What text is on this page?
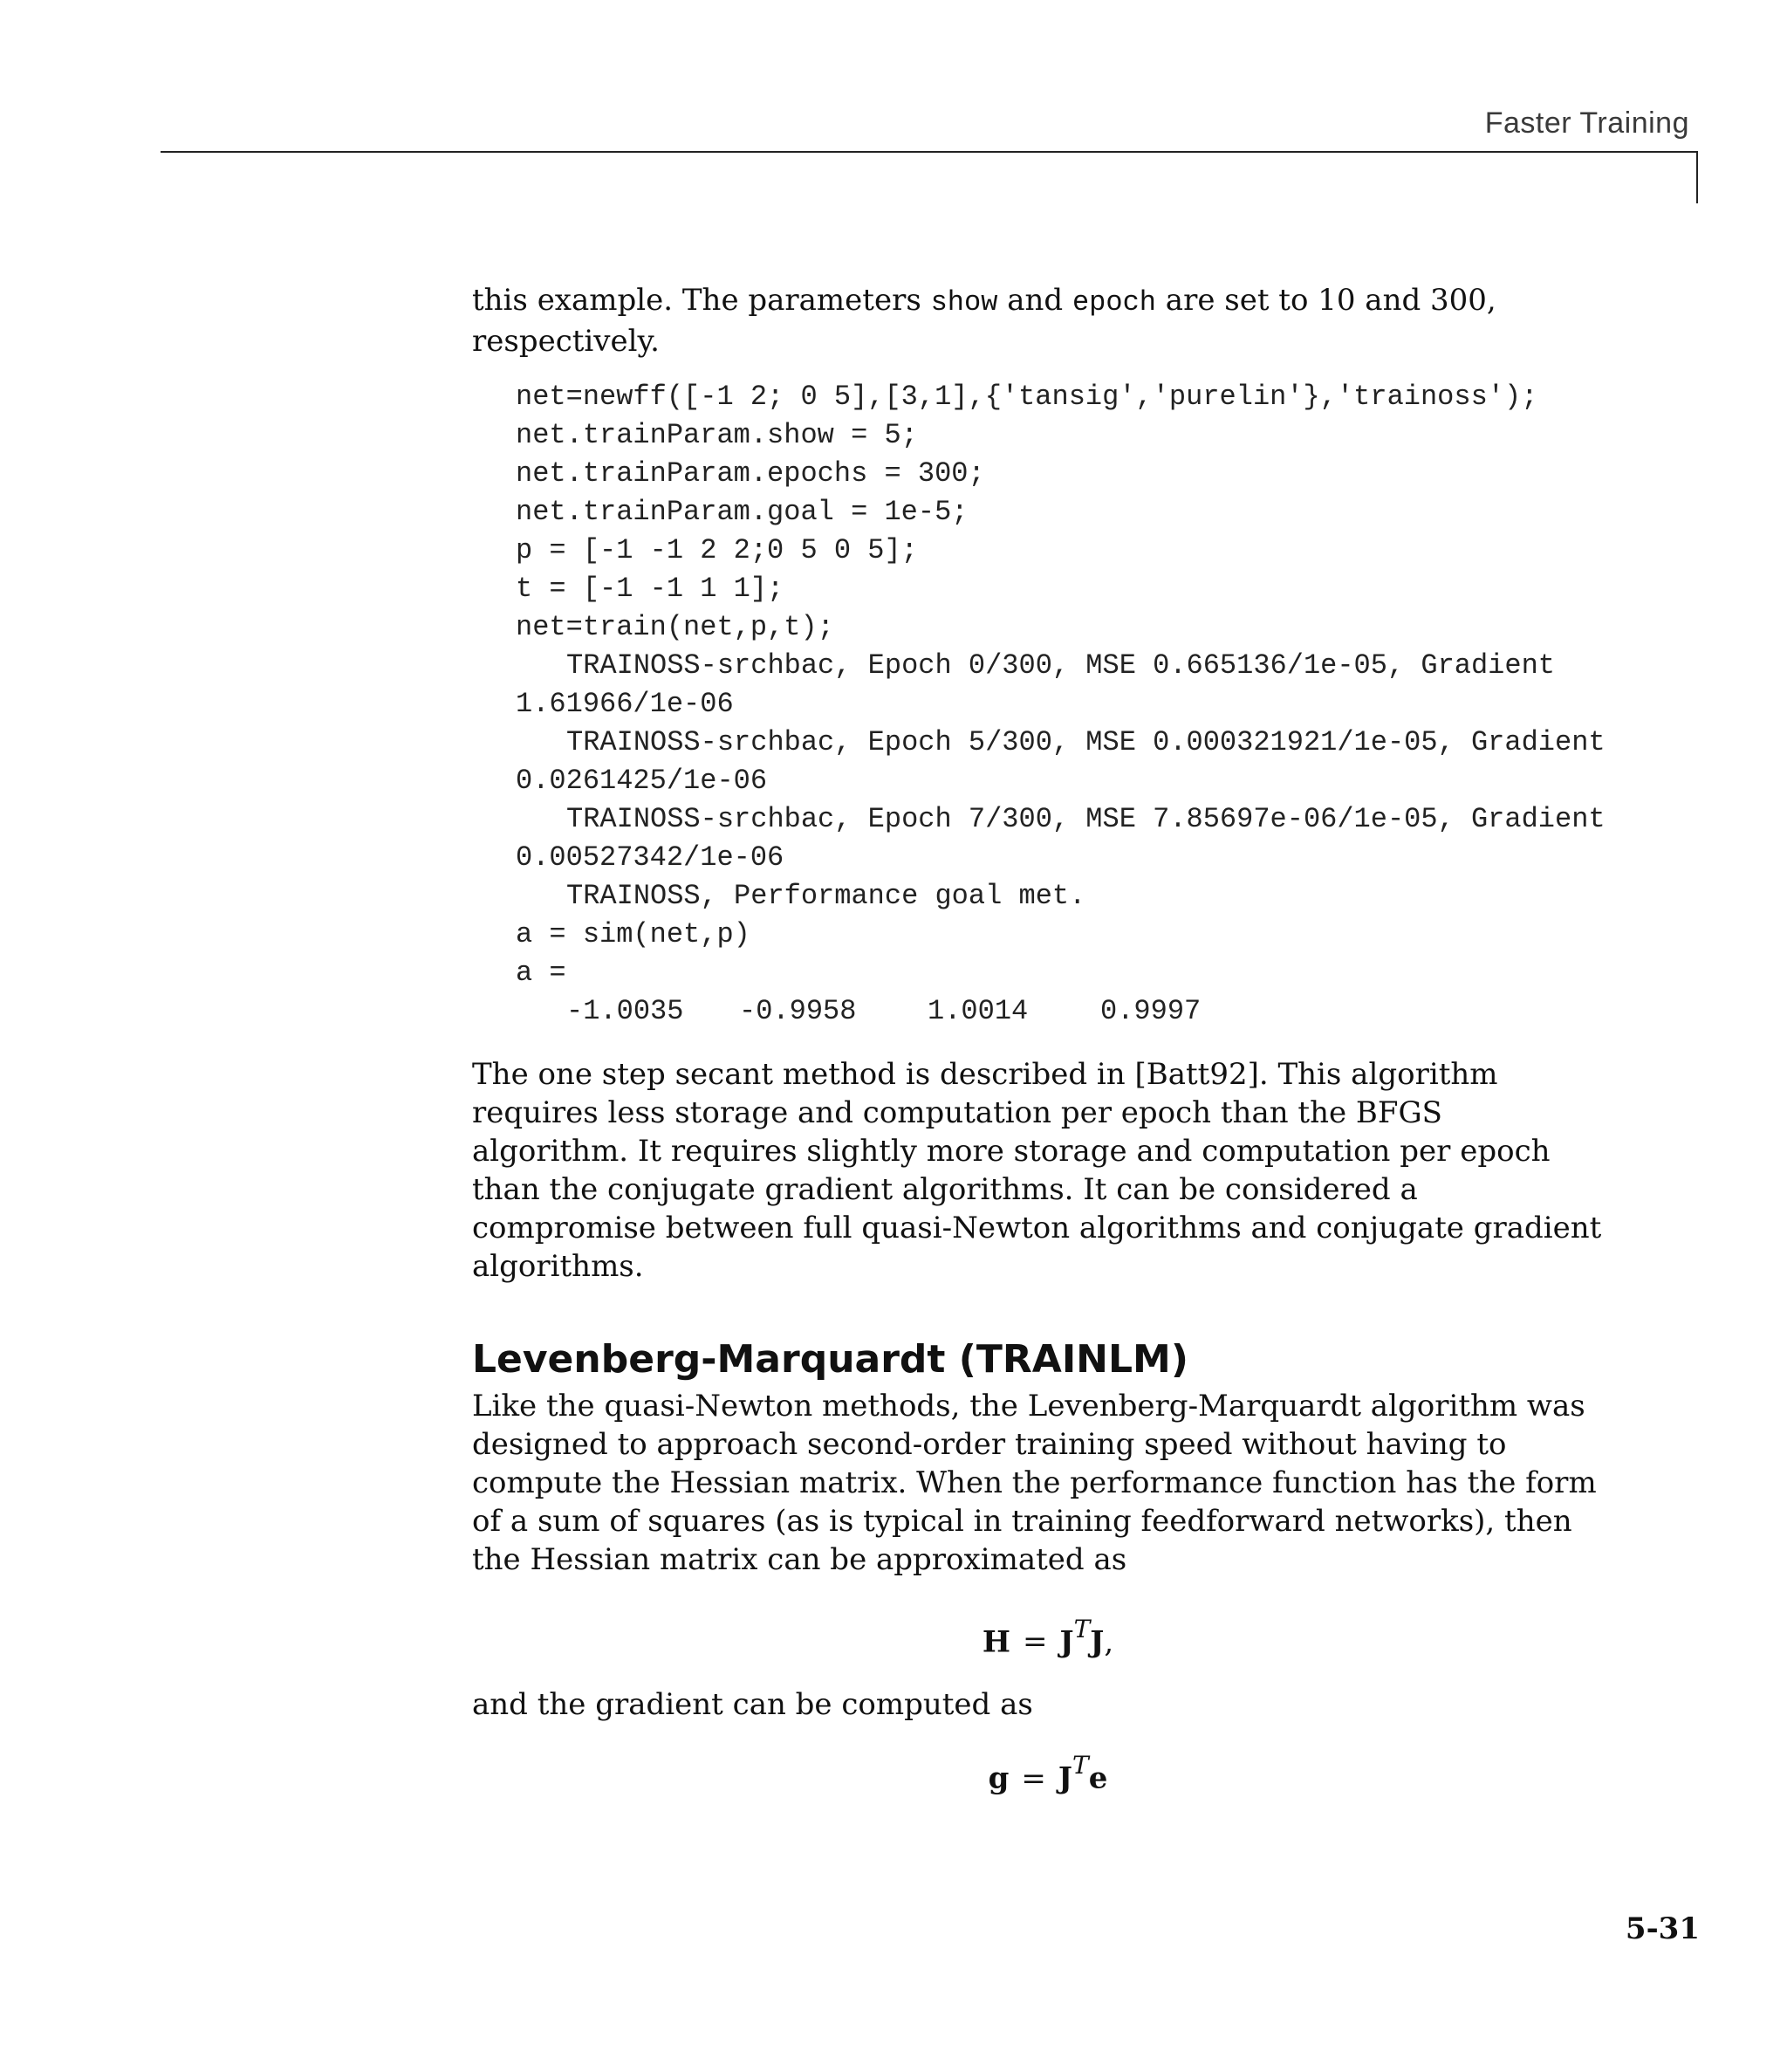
Faster Training

this example. The parameters show and epoch are set to 10 and 300, respectively.

net=newff([-1 2; 0 5],[3,1],{'tansig','purelin'},'trainoss');
net.trainParam.show = 5;
net.trainParam.epochs = 300;
net.trainParam.goal = 1e-5;
p = [-1 -1 2 2;0 5 0 5];
t = [-1 -1 1 1];
net=train(net,p,t);
TRAINOSS-srchbac, Epoch 0/300, MSE 0.665136/1e-05, Gradient
1.61966/1e-06
TRAINOSS-srchbac, Epoch 5/300, MSE 0.000321921/1e-05, Gradient
0.0261425/1e-06
TRAINOSS-srchbac, Epoch 7/300, MSE 7.85697e-06/1e-05, Gradient
0.00527342/1e-06
TRAINOSS, Performance goal met.
a = sim(net,p)
a =
-1.0035	-0.9958	1.0014	0.9997

The one step secant method is described in [Batt92]. This algorithm requires less storage and computation per epoch than the BFGS algorithm. It requires slightly more storage and computation per epoch than the conjugate gradient algorithms. It can be considered a compromise between full quasi-Newton algorithms and conjugate gradient algorithms.

Levenberg-Marquardt (TRAINLM)

Like the quasi-Newton methods, the Levenberg-Marquardt algorithm was designed to approach second-order training speed without having to compute the Hessian matrix. When the performance function has the form of a sum of squares (as is typical in training feedforward networks), then the Hessian matrix can be approximated as

$H = J^TJ$,

and the gradient can be computed as

$g = J^Te$
5-31
